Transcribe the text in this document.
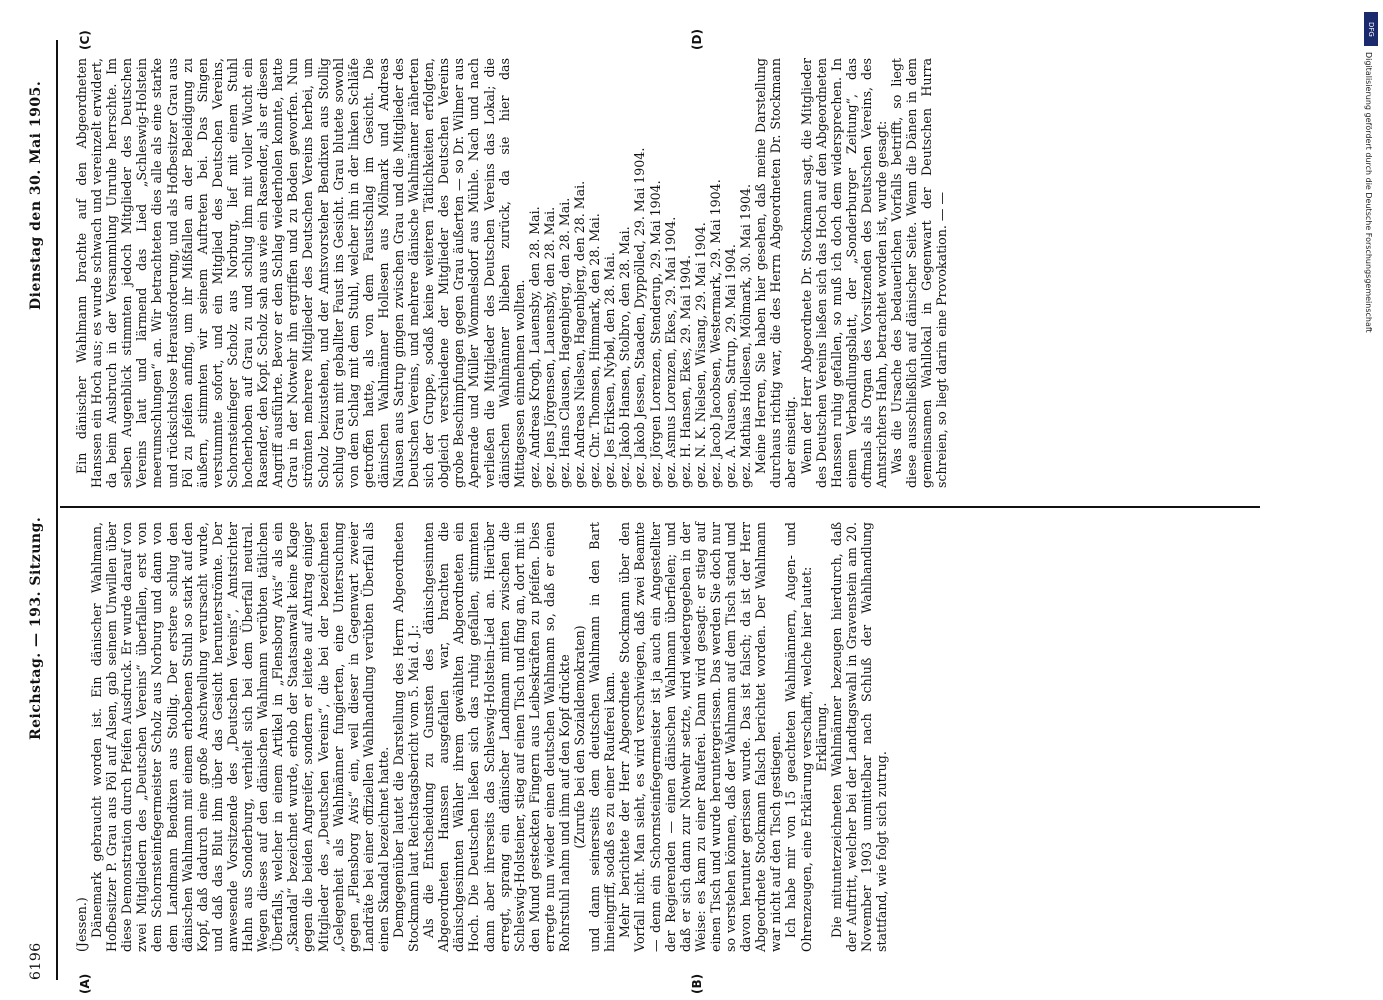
6196
Reichstag. — 193. Sitzung.
Dienstag den 30. Mai 1905.
(A)	(B)
(C)	(D)

(Jessen.) Dänemark gebraucht worden ist. Ein dänischer Wahlmann, Hofbesitzer P. Grau aus Pöl auf Alsen, gab seinem Unwillen über diese Demonstration durch Pfeifen Ausdruck. Er wurde darauf von zwei Mitgliedern des „Deutschen Vereins“ überfallen, erst von dem Schornsteinfegermeister Scholz aus Norburg und dann von dem Landmann Bendixen aus Stollig. Der erstere schlug den dänischen Wahlmann mit einem erhobenen Stuhl so stark auf den Kopf, daß dadurch eine große Anschwellung verursacht wurde, und daß das Blut ihm über das Gesicht herunterströmte. Der anwesende Vorsitzende des „Deutschen Vereins“, Amtsrichter Hahn aus Sonderburg, verhielt sich bei dem Überfall neutral. Wegen dieses auf den dänischen Wahlmann verübten tätlichen Überfalls, welcher in einem Artikel in „Flensborg Avis“ als ein „Skandal“ bezeichnet wurde, erhob der Staatsanwalt keine Klage gegen die beiden Angreifer, sondern er leitete auf Antrag einiger Mitglieder des „Deutschen Vereins“, die bei der bezeichneten „Gelegenheit als Wahlmänner fungierten, eine Untersuchung gegen „Flensborg Avis“ ein, weil dieser in Gegenwart zweier Landräte bei einer offiziellen Wahlhandlung verübten Überfall als einen Skandal bezeichnet hatte. Demgegenüber lautet die Darstellung des Herrn Abgeordneten Stockmann laut Reichstagsbericht vom 5. Mai d. J.: Als die Entscheidung zu Gunsten des dänischgesinnten Abgeordneten Hanssen ausgefallen war, brachten die dänischgesinnten Wähler ihrem gewählten Abgeordneten ein Hoch. Die Deutschen ließen sich das ruhig gefallen, stimmten dann aber ihrerseits das Schleswig-Holstein-Lied an. Hierüber erregt, sprang ein dänischer Landmann mitten zwischen die Schleswig-Holsteiner, stieg auf einen Tisch und fing an, dort mit in den Mund gesteckten Fingern aus Leibeskräften zu pfeifen. Dies erregte nun wieder einen deutschen Wahlmann so, daß er einen Rohrstuhl nahm und ihm auf den Kopf drückte (Zurufe bei den Sozialdemokraten) und dann seinerseits dem deutschen Wahlmann in den Bart hineingriff, sodaß es zu einer Rauferei kam. Mehr berichtete der Herr Abgeordnete Stockmann über den Vorfall nicht. Man sieht, es wird verschwiegen, daß zwei Beamte — denn ein Schornsteinfegermeister ist ja auch ein Angestellter der Regierenden — einen dänischen Wahlmann überfielen; und daß er sich dann zur Notwehr setzte, wird wiedergegeben in der Weise: es kam zu einer Rauferei. Dann wird gesagt: er stieg auf einen Tisch und wurde heruntergerissen. Das werden Sie doch nur so verstehen können, daß der Wahlmann auf dem Tisch stand und davon herunter gerissen wurde. Das ist falsch; da ist der Herr Abgeordnete Stockmann falsch berichtet worden. Der Wahlmann war nicht auf den Tisch gestiegen. Ich habe mir von 15 geachteten Wahlmännern, Augen- und Ohrenzeugen, eine Erklärung verschafft, welche hier lautet: Erklärung. Die mitunterzeichneten Wahlmänner bezeugen hierdurch, daß der Auftritt, welcher bei der Landtagswahl in Gravenstein am 20. November 1903 unmittelbar nach Schluß der Wahlhandlung stattfand, wie folgt sich zutrug.

Ein dänischer Wahlmann brachte auf den Abgeordneten Hanssen ein Hoch aus; es wurde schwach und vereinzelt erwidert, da beim Ausbruch in der Versammlung Unruhe herrschte. Im selben Augenblick stimmten jedoch Mitglieder des Deutschen Vereins laut und lärmend das Lied „Schleswig-Holstein meerumschlungen“ an. Wir betrachteten dies alle als eine starke und rücksichtslose Herausforderung, und als Hofbesitzer Grau aus Pöl zu pfeifen anfing, um ihr Mißfallen an der Beleidigung zu äußern, stimmten wir seinem Auftreten bei. Das Singen verstummte sofort, und ein Mitglied des Deutschen Vereins, Schornsteinfeger Scholz aus Norburg, lief mit einem Stuhl hocherhoben auf Grau zu und schlug ihm mit voller Wucht ein Rasender, den Kopf. Scholz sah aus wie ein Rasender, als er diesen Angriff ausführte. Bevor er den Schlag wiederholen konnte, hatte Grau in der Notwehr ihn ergriffen und zu Boden geworfen. Nun strömten mehrere Mitglieder des Deutschen Vereins herbei, um Scholz beizustehen, und der Amtsvorsteher Bendixen aus Stollig schlug Grau mit geballter Faust ins Gesicht. Grau blutete sowohl von dem Schlag mit dem Stuhl, welcher ihn in der linken Schläfe getroffen hatte, als von dem Faustschlag im Gesicht. Die dänischen Wahlmänner Hollesen aus Mölmark und Andreas Nausen aus Satrup gingen zwischen Grau und die Mitglieder des Deutschen Vereins, und mehrere dänische Wahlmänner näherten sich der Gruppe, sodaß keine weiteren Tätlichkeiten erfolgten, obgleich verschiedene der Mitglieder des Deutschen Vereins grobe Beschimpfungen gegen Grau äußerten — so Dr. Wilmer aus Apenrade und Müller Wommelsdorf aus Mühle. Nach und nach verließen die Mitglieder des Deutschen Vereins das Lokal; die dänischen Wahlmänner blieben zurück, da sie hier das Mittagessen einnehmen wollten. gez. Andreas Krogh, Lauensby, den 28. Mai. gez. Jens Jörgensen, Lauensby, den 28. Mai. gez. Hans Clausen, Hagenbjerg, den 28. Mai. gez. Andreas Nielsen, Hagenbjerg, den 28. Mai. gez. Chr. Thomsen, Himmark, den 28. Mai. gez. Jes Eriksen, Nybøl, den 28. Mai. gez. Jakob Hansen, Stolbro, den 28. Mai. gez. Jakob Jessen, Staaden, Dyppölled, 29. Mai 1904. gez. Jörgen Lorenzen, Stenderup, 29. Mai 1904. gez. Asmus Lorenzen, Ekes, 29. Mai 1904. gez. H. Hansen, Ekes, 29. Mai 1904. gez. N. K. Nielsen, Wisang, 29. Mai 1904. gez. Jacob Jacobsen, Westermark, 29. Mai 1904. gez. A. Nausen, Satrup, 29. Mai 1904. gez. Mathias Hollesen, Mölmark, 30. Mai 1904. Meine Herren, Sie haben hier gesehen, daß meine Darstellung durchaus richtig war, die des Herrn Abgeordneten Dr. Stockmann aber einseitig. Wenn der Herr Abgeordnete Dr. Stockmann sagt, die Mitglieder des Deutschen Vereins ließen sich das Hoch auf den Abgeordneten Hanssen ruhig gefallen, so muß ich doch dem widersprechen. In einem Verbandlungsblatt, der „Sonderburger Zeitung“, das oftmals als Organ des Vorsitzenden des Deutschen Vereins, des Amtsrichters Hahn, betrachtet worden ist, wurde gesagt: Was die Ursache des bedauerlichen Vorfalls betrifft, so liegt diese ausschließlich auf dänischer Seite. Wenn die Dänen in dem gemeinsamen Wahllokal in Gegenwart der Deutschen Hurra schreien, so liegt darin eine Provokation. — —

DFG
Digitalisierung gefördert durch die Deutsche Forschungsgemeinschaft
